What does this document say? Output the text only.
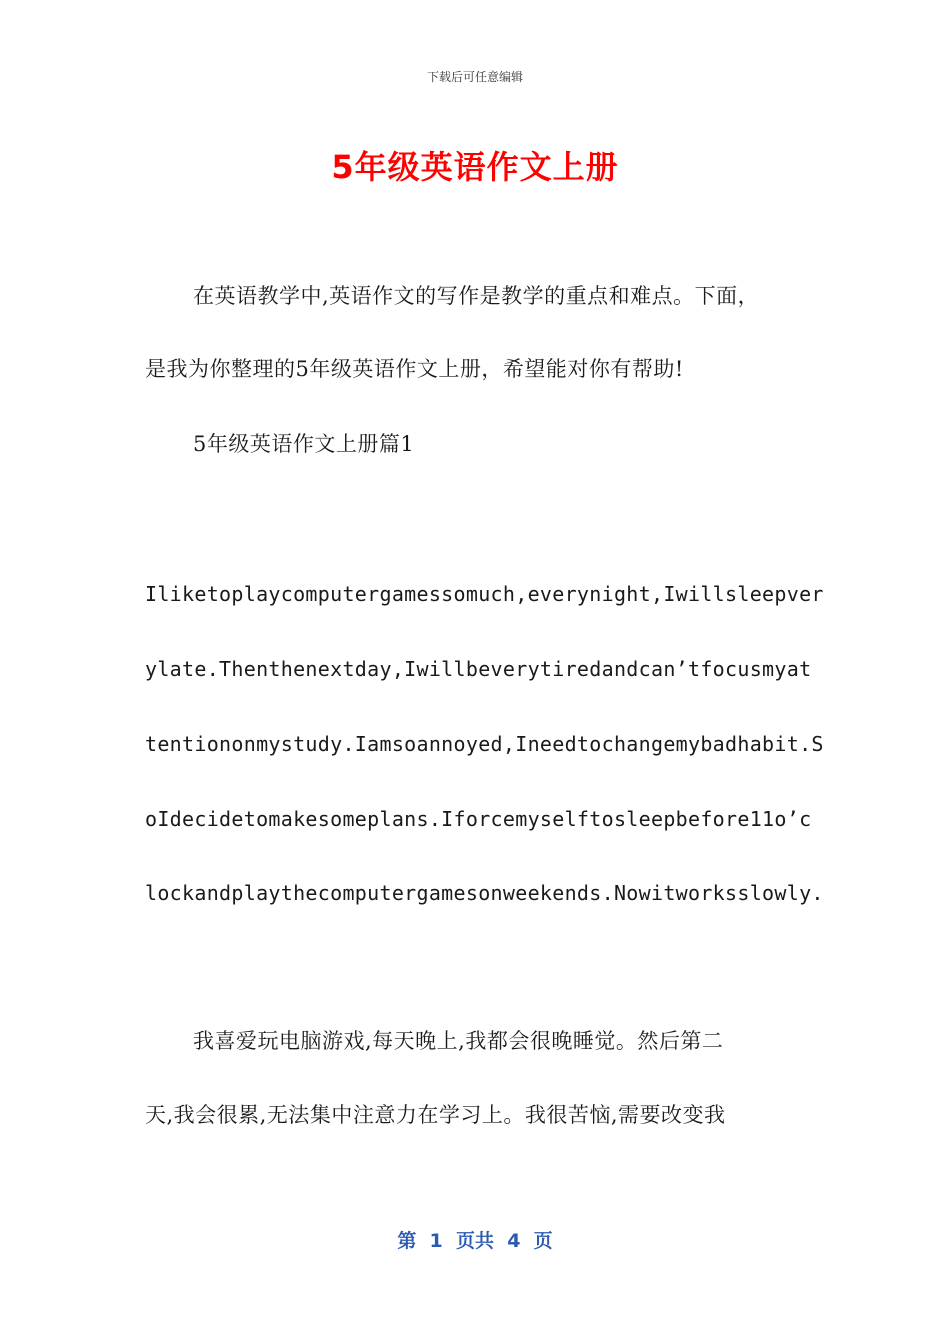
下载后可任意编辑
5年级英语作文上册
在英语教学中,英语作文的写作是教学的重点和难点。下面，
是我为你整理的5年级英语作文上册，希望能对你有帮助!
5年级英语作文上册篇1
Iliketoplaycomputergamessomuch,everynight,Iwillsleepver
ylate.Thenthenextday,Iwillbeverytiredandcan’tfocusmyat
tentiononmystudy.Iamsoannoyed,Ineedtochangemybadhabit.S
oIdecidetomakesomeplans.Iforcemyselftosleepbefore11o’c
lockandplaythecomputergamesonweekends.Nowitworksslowly.
我喜爱玩电脑游戏,每天晚上,我都会很晚睡觉。然后第二
天,我会很累,无法集中注意力在学习上。我很苦恼,需要改变我
第  1  页共  4  页
